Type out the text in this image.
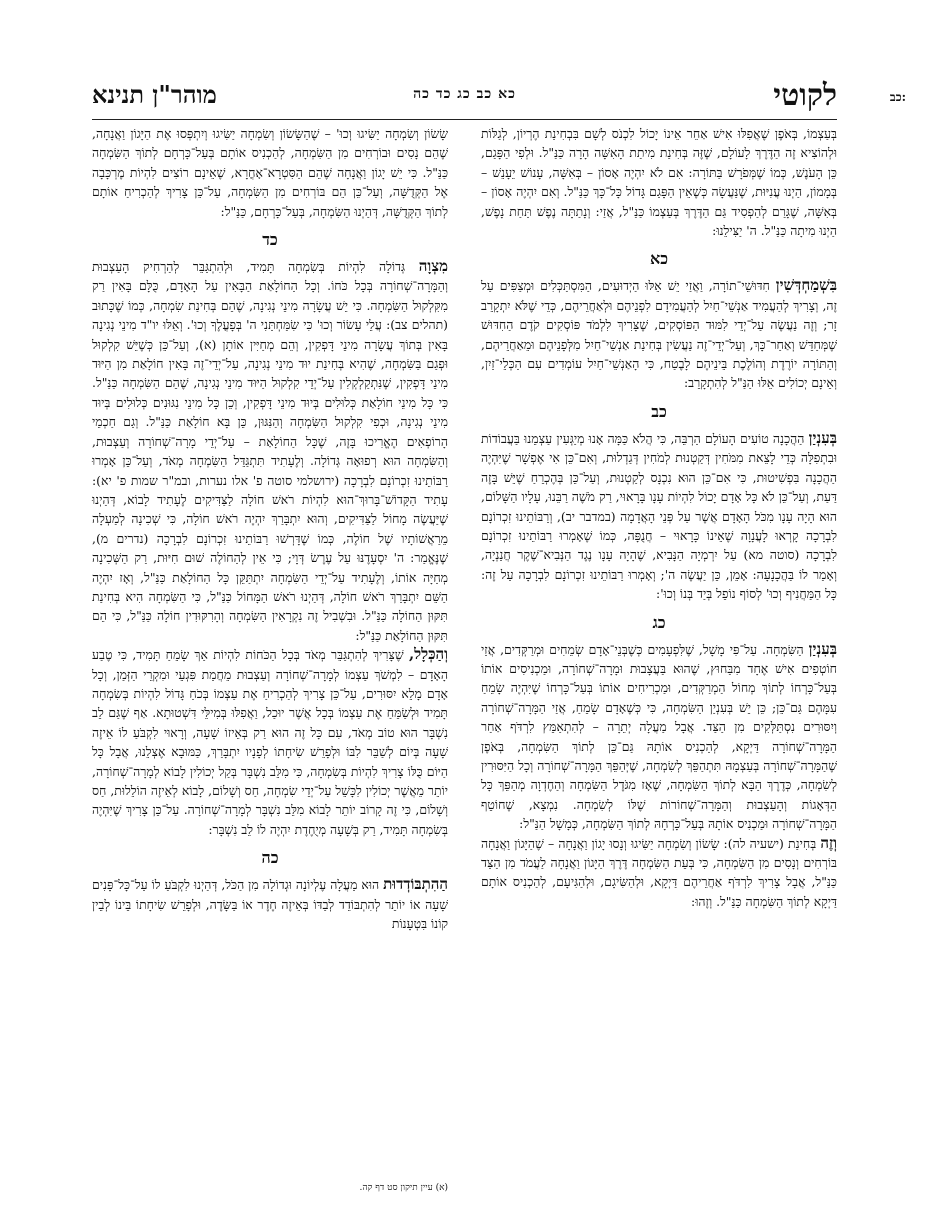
לקוטי
כא כב כג כד כה
מוהר"ן תנינא	כב:

בְּעַצְמוֹ, בְּאֹפֶן שֶׁאֲפִלּוּ אִישׁ אַחֵר אֵינוֹ יָכוֹל לִכְנֹס לְשָׁם בִּבְחִינַת הֶרְיוֹן, לְגַלּוֹת וּלְהוֹצִיא זֶה הַדֶּרֶךְ לָעוֹלָם, שֶׁזֶּה בְּחִינַת מִיתַת הָאִשָּׁה הָרָה כַּנַּ"ל. וּלְפִי הַפָּגַם, כֵּן הָעֹנֶשׁ, כְּמוֹ שֶׁמְּפֹרָשׁ בַּתּוֹרָה: אִם לֹא יִהְיֶה אָסוֹן – בְּאִשָּׁה, עָנוֹשׁ יֵעָנֵשׁ – בְּמָמוֹן, הַיְנוּ עֲנִיּוּת, שֶׁנַּעֲשָׂה כְּשֶׁאֵין הַפָּגַם גָּדוֹל כָּל־כָּךְ כַּנַּ"ל. וְאִם יִהְיֶה אָסוֹן – בְּאִשָּׁה, שֶׁגָּרַם לְהַפְסִיד גַּם הַדֶּרֶךְ בְּעַצְמוֹ כַּנַּ"ל, אֲזַי: וְנָתַתָּה נֶפֶשׁ תַּחַת נָפֶשׁ, הַיְנוּ מִיתָה כַּנַּ"ל. ה' יַצִּילֵנוּ:

כא

בִּשְׁמַחְדְּשִׁין חִדּוּשֵׁי־תוֹרָה, וַאֲזַי יֵשׁ אֵלּוּ הַיְדוּעִים, הַמִּסְתַּכְּלִים וּמְצַפִּים עַל זֶה, וְצָרִיךְ לְהַעֲמִיד אַנְשֵׁי־חַיִל לְהַעֲמִידָם לִפְנֵיהֶם וּלְאַחֲרֵיהֶם, כְּדֵי שֶׁלֹּא יִתְקָרֵב זָר; וְזֶה נַעֲשֶׂה עַל־יְדֵי לִמּוּד הַפּוֹסְקִים, שֶׁצָּרִיךְ לִלְמֹד פּוֹסְקִים קֹדֶם הַחִדּוּשׁ שֶׁמְּחַדֵּשׁ וְאַחַר־כָּךְ, וְעַל־יְדֵי־זֶה נַעֲשִׂין בְּחִינַת אַנְשֵׁי־חַיִל מִלְּפָנֵיהֶם וּמֵאַחֲרֵיהֶם, וְהַתּוֹרָה יוֹרֶדֶת וְהוֹלֶכֶת בֵּינֵיהֶם לָבֶטַח, כִּי הָאַנְשֵׁי־חַיִל עוֹמְדִים עִם הַכְּלֵי־זַיִן, וְאֵינָם יְכוֹלִים אֵלּוּ הַנַּ"ל לְהִתְקָרֵב:

כב

בְּעִנְיַן הַהֲכָנָה טוֹעִים הָעוֹלָם הַרְבֵּה, כִּי הֲלֹא כַּמָּה אָנוּ מְיַגְּעִין עַצְמֵנוּ בַּעֲבוֹדוֹת וּבִתְפִלָּה כְּדֵי לָצֵאת מִמֹּחִין דְּקַטְנוּת לְמֹחִין דְּגַדְלוּת, וְאִם־כֵּן אִי אֶפְשָׁר שֶׁיִּהְיֶה הַהֲכָנָה בִּפְשִׁיטוּת, כִּי אִם־כֵּן הוּא נִכְנָס לְקַטְנוּת, וְעַל־כֵּן בְּהֶכְרֵחַ שֶׁיֵּשׁ בָּזֶה דַּעַת, וְעַל־כֵּן לֹא כָּל אָדָם יָכוֹל לִהְיוֹת עָנָו בָּרָאוּי, רַק מֹשֶׁה רַבֵּנוּ, עָלָיו הַשָּׁלוֹם, הוּא הָיָה עָנָו מִכֹּל הָאָדָם אֲשֶׁר עַל פְּנֵי הָאֲדָמָה (במדבר יב), וְרַבּוֹתֵינוּ זִכְרוֹנָם לִבְרָכָה קָרְאוּ לָעֲנָוָה שֶׁאֵינוֹ כָּרָאוּי – חֲנֻפָּה, כְּמוֹ שֶׁאָמְרוּ רַבּוֹתֵינוּ זִכְרוֹנָם לִבְרָכָה (סוטה מא) עַל יִרְמְיָה הַנָּבִיא, שֶׁהָיָה עָנָו נֶגֶד הַנְּבִיא־שֶׁקֶר חֲנַנְיָה, וְאָמַר לוֹ בַּהֲכָנָעָה: אָמֵן, כֵּן יַעֲשֶׂה ה'; וְאָמְרוּ רַבּוֹתֵינוּ זִכְרוֹנָם לִבְרָכָה עַל זֶה: כָּל הַמַּחֲנִיף וְכוּ' לְסוֹף נוֹפֵל בְּיַד בְּנוֹ וְכוּ':

כג

בְּעִנְיַן הַשִּׂמְחָה. עַל־פִּי מָשָׁל, שֶׁלִּפְעָמִים כְּשֶׁבְּנֵי־אָדָם שְׂמֵחִים וּמְרַקְּדִים, אֲזַי חוֹטְפִים אִישׁ אֶחָד מִבַּחוּץ, שֶׁהוּא בַּעֲצָבוּת וּמָרָה־שְׁחוֹרָה, וּמַכְנִיסִים אוֹתוֹ בְּעַל־כָּרְחוֹ לְתוֹךְ מְחוֹל הַמְרַקְּדִים, וּמַכְרִיחִים אוֹתוֹ בְּעַל־כָּרְחוֹ שֶׁיִּהְיֶה שָׂמֵחַ עִמָּהֶם גַּם־כֵּן; כֵּן יֵשׁ בְּעִנְיַן הַשִּׂמְחָה, כִּי כְּשֶׁאָדָם שָׂמֵחַ, אֲזַי הַמָּרָה־שְׁחוֹרָה וְיִסּוּרִים נִסְתַּלְּקִים מִן הַצַּד. אֲבָל מַעֲלָה יְתֵרָה – לְהִתְאַמֵּץ לִרְדֹּף אַחַר הַמָּרָה־שְׁחוֹרָה דַּיְקָא, לְהַכְנִיס אוֹתָהּ גַּם־כֵּן לְתוֹךְ הַשִּׂמְחָה, בְּאֹפֶן שֶׁהַמָּרָה־שְׁחוֹרָה בְּעַצְמָהּ תִּתְהַפֵּךְ לְשִׂמְחָה, שֶׁיְּהַפֵּךְ הַמָּרָה־שְׁחוֹרָה וְכָל הַיִּסּוּרִין לְשִׂמְחָה, כְּדֶרֶךְ הַבָּא לְתוֹךְ הַשִּׂמְחָה, שֶׁאָז מִגֹּדֶל הַשִּׂמְחָה וְהַחֶדְוָה מְהַפֵּךְ כָּל הַדְּאָגוֹת וְהָעַצְבוּת וְהַמָּרָה־שְׁחוֹרוֹת שֶׁלּוֹ לְשִׂמְחָה. נִמְצָא, שֶׁחוֹטֵף הַמָּרָה־שְׁחוֹרָה וּמַכְנִיס אוֹתָהּ בְּעַל־כָּרְחָהּ לְתוֹךְ הַשִּׂמְחָה, כְּמָשָׁל הַנַּ"ל:

וְזֶה בְּחִינַת (ישעיה לה): שָׂשׂוֹן וְשִׂמְחָה יַשִּׂיגוּ וְנָסוּ יָגוֹן וַאֲנָחָה – שֶׁהַיָּגוֹן וַאֲנָחָה בּוֹרְחִים וְנָסִים מִן הַשִּׂמְחָה, כִּי בְּעֵת הַשִּׂמְחָה דֶּרֶךְ הַיָּגוֹן וַאֲנָחָה לַעֲמֹד מִן הַצַּד כַּנַּ"ל, אֲבָל צָרִיךְ לִרְדֹּף אַחֲרֵיהֶם דַּיְקָא, וּלְהַשִּׂיגָם, וּלְהַגִּיעָם, לְהַכְנִיס אוֹתָם דַּיְקָא לְתוֹךְ הַשִּׂמְחָה כַּנַּ"ל. וְזֶהוּ:

שָׂשׂוֹן וְשִׂמְחָה יַשִּׂיגוּ וְכוּ' – שֶׁהַשָּׂשׂוֹן וְשִׂמְחָה יַשִּׂיגוּ וְיִתְפְּסוּ אֶת הַיָּגוֹן וַאֲנָחָה, שֶׁהֵם נָסִים וּבוֹרְחִים מִן הַשִּׂמְחָה, לְהַכְנִיס אוֹתָם בְּעַל־כָּרְחָם לְתוֹךְ הַשִּׂמְחָה כַּנַּ"ל. כִּי יֵשׁ יָגוֹן וַאֲנָחָה שֶׁהֵם הַסִּטְרָא־אָחֳרָא, שֶׁאֵינָם רוֹצִים לִהְיוֹת מֶרְכָּבָה אֶל הַקְּדֻשָּׁה, וְעַל־כֵּן הֵם בּוֹרְחִים מִן הַשִּׂמְחָה, עַל־כֵּן צָרִיךְ לְהַכְרִיחַ אוֹתָם לְתוֹךְ הַקְּדֻשָּׁה, דְּהַיְנוּ הַשִּׂמְחָה, בְּעַל־כָּרְחָם, כַּנַּ"ל:

כד

מִצְוָה גְּדוֹלָה לִהְיוֹת בְּשִׂמְחָה תָּמִיד, וּלְהִתְגַּבֵּר לְהַרְחִיק הָעַצְבוּת וְהַמָּרָה־שְׁחוֹרָה בְּכָל כֹּחוֹ. וְכָל הַחוֹלָאַת הַבָּאִין עַל הָאָדָם, כֻּלָּם בָּאִין רַק מִקִּלְקוּל הַשִּׂמְחָה. כִּי יֵשׁ עֲשָׂרָה מִינֵי נְגִינָה, שֶׁהֵם בְּחִינַת שִׂמְחָה, כְּמוֹ שֶׁכָּתוּב (תהלים צב): עֲלֵי עָשׂוֹר וְכוּ' כִּי שִׂמַּחְתַּנִי ה' בְּפָעֳלֶךָ וְכוּ'. וְאֵלּוּ יו"ד מִינֵי נְגִינָה בָּאִין בְּתוֹךְ עֲשָׂרָה מִינֵי דָּפְקִין, וְהֵם מְחַיִּין אוֹתָן (א), וְעַל־כֵּן כְּשֶׁיֵּשׁ קִלְקוּל וּפְגַם בַּשִּׂמְחָה, שֶׁהִיא בְּחִינַת יוּד מִינֵי נְגִינָה, עַל־יְדֵי־זֶה בָּאִין חוֹלָאַת מִן הַיּוּד מִינֵי דָּפְקִין, שֶׁנִּתְקַלְקְלִין עַל־יְדֵי קִלְקוּל הַיּוּד מִינֵי נְגִינָה, שֶׁהֵם הַשִּׂמְחָה כַּנַּ"ל. כִּי כָּל מִינֵי חוֹלָאַת כְּלוּלִים בְּיוּד מִינֵי דָּפְקִין, וְכֵן כָּל מִינֵי נִגּוּנִים כְּלוּלִים בְּיוּד מִינֵי נְגִינָה, וּכְפִי קִלְקוּל הַשִּׂמְחָה וְהַנִּגּוּן, כֵּן בָּא חוֹלָאַת כַּנַּ"ל. וְגַם חַכְמֵי הָרוֹפְאִים הֶאֱרִיכוּ בָּזֶה, שֶׁכָּל הַחוֹלָאַת – עַל־יְדֵי מָרָה־שְׁחוֹרָה וְעַצְבוּת, וְהַשִּׂמְחָה הוּא רְפוּאָה גְּדוֹלָה. וְלֶעָתִיד תִּתְגַּדֵּל הַשִּׂמְחָה מְאֹד, וְעַל־כֵּן אָמְרוּ רַבּוֹתֵינוּ זִכְרוֹנָם לִבְרָכָה (ירושלמי סוטה פ' אלו נערות, ובמ"ר שמות פ' יא): עָתִיד הַקָּדוֹשׁ־בָּרוּךְ־הוּא לִהְיוֹת רֹאשׁ חוֹלָה לַצַּדִּיקִים לֶעָתִיד לָבוֹא, דְּהַיְנוּ שֶׁיַּעֲשֶׂה מָחוֹל לַצַּדִּיקִים, וְהוּא יִתְבָּרַךְ יִהְיֶה רֹאשׁ חוֹלָה, כִּי שְׁכִינָה לְמַעְלָה מֵרַאֲשׁוֹתָיו שֶׁל חוֹלֶה, כְּמוֹ שֶׁדָּרְשׁוּ רַבּוֹתֵינוּ זִכְרוֹנָם לִבְרָכָה (נדרים מ), שֶׁנֶּאֱמַר: ה' יִסְעָדֶנּוּ עַל עֶרֶשׂ דְּוָי; כִּי אֵין לְהַחוֹלֶה שׁוּם חִיּוּת, רַק הַשְּׁכִינָה מְחַיָּה אוֹתוֹ, וְלֶעָתִיד עַל־יְדֵי הַשִּׂמְחָה יִתְתַּקֵּן כָּל הַחוֹלָאַת כַּנַּ"ל, וְאָז יִהְיֶה הַשֵּׁם יִתְבָּרַךְ רֹאשׁ חוֹלָה, דְּהַיְנוּ רֹאשׁ הַמָּחוֹל כַּנַּ"ל, כִּי הַשִּׂמְחָה הִיא בְּחִינַת תִּקּוּן הַחוֹלָה כַּנַּ"ל. וּבִשְׁבִיל זֶה נִקְרָאִין הַשִּׂמְחָה וְהָרִקּוּדִין חוֹלָה כַּנַּ"ל, כִּי הֵם תִּקּוּן הַחוֹלָאַת כַּנַּ"ל:

וְהַכְּלָל, שֶׁצָּרִיךְ לְהִתְגַּבֵּר מְאֹד בְּכָל הַכֹּחוֹת לִהְיוֹת אַךְ שָׂמֵחַ תָּמִיד, כִּי טֶבַע הָאָדָם – לִמְשֹׁךְ עַצְמוֹ לְמָרָה־שְׁחוֹרָה וְעַצְבוּת מֵחֲמַת פִּגְעֵי וּמִקְרֵי הַזְּמַן, וְכָל אָדָם מָלֵא יִסּוּרִים, עַל־כֵּן צָרִיךְ לְהַכְרִיחַ אֶת עַצְמוֹ בְּכֹחַ גָּדוֹל לִהְיוֹת בְּשִׂמְחָה תָּמִיד וּלְשַׂמֵּחַ אֶת עַצְמוֹ בְּכָל אֲשֶׁר יוּכַל, וַאֲפִלּוּ בְּמִילֵּי דִּשְׁטוּתָא. אַף שֶׁגַּם לֵב נִשְׁבָּר הוּא טוֹב מְאֹד, עִם כָּל זֶה הוּא רַק בְּאֵיזוֹ שָׁעָה, וְרָאוּי לִקְבֹּעַ לוֹ אֵיזֶה שָׁעָה בְּיוֹם לְשַׁבֵּר לִבּוֹ וּלְפָרֵשׁ שִׂיחָתוֹ לְפָנָיו יִתְבָּרַךְ, כַּמּוּבָא אֶצְלֵנוּ, אֲבָל כָּל הַיּוֹם כֻּלּוֹ צָרִיךְ לִהְיוֹת בְּשִׂמְחָה, כִּי מִלֵּב נִשְׁבָּר בְּקַל יְכוֹלִין לָבוֹא לְמָרָה־שְׁחוֹרָה, יוֹתֵר מֵאֲשֶׁר יְכוֹלִין לִכָּשֵׁל עַל־יְדֵי שִׂמְחָה, חַס וְשָׁלוֹם, לָבוֹא לְאֵיזֶה הוֹלֵלוּת, חַס וְשָׁלוֹם, כִּי זֶה קָרוֹב יוֹתֵר לָבוֹא מִלֵּב נִשְׁבָּר לְמָרָה־שְׁחוֹרָה. עַל־כֵּן צָרִיךְ שֶׁיִּהְיֶה בְּשִׂמְחָה תָּמִיד, רַק בְּשָׁעָה מְיֻחֶדֶת יִהְיֶה לוֹ לֵב נִשְׁבָּר:

כה

הַהִתְבּוֹדְדוּת הוּא מַעֲלָה עֶלְיוֹנָה וּגְדוֹלָה מִן הַכֹּל, דְּהַיְנוּ לִקְבֹּעַ לוֹ עַל־כָּל־פָּנִים שָׁעָה אוֹ יוֹתֵר לְהִתְבּוֹדֵד לְבַדּוֹ בְּאֵיזֶה חֶדֶר אוֹ בַּשָּׂדֶה, וּלְפָרֵשׁ שִׂיחָתוֹ בֵּינוֹ לְבֵין קוֹנוֹ בִּטְעָנוֹת

(א) עיין תיקון סט דף קה.
